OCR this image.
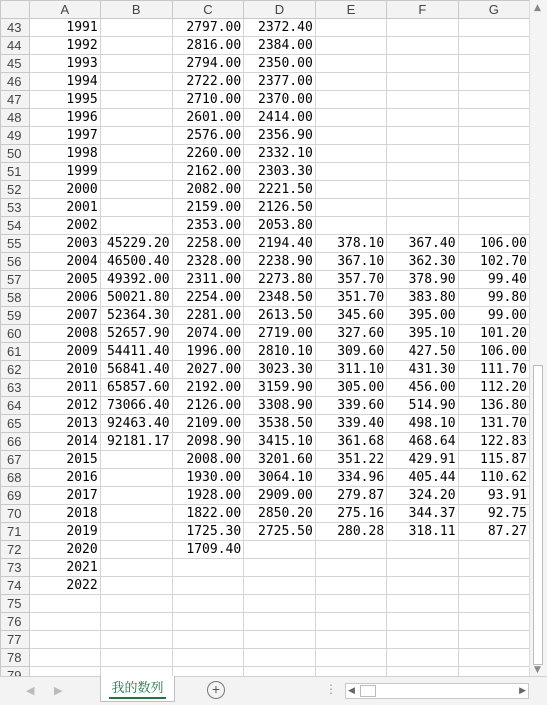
	A	B	C	D	E	F	G
43	1991		2797.00	2372.40			
44	1992		2816.00	2384.00			
45	1993		2794.00	2350.00			
46	1994		2722.00	2377.00			
47	1995		2710.00	2370.00			
48	1996		2601.00	2414.00			
49	1997		2576.00	2356.90			
50	1998		2260.00	2332.10			
51	1999		2162.00	2303.30			
52	2000		2082.00	2221.50			
53	2001		2159.00	2126.50			
54	2002		2353.00	2053.80			
55	2003	45229.20	2258.00	2194.40	378.10	367.40	106.00
56	2004	46500.40	2328.00	2238.90	367.10	362.30	102.70
57	2005	49392.00	2311.00	2273.80	357.70	378.90	99.40
58	2006	50021.80	2254.00	2348.50	351.70	383.80	99.80
59	2007	52364.30	2281.00	2613.50	345.60	395.00	99.00
60	2008	52657.90	2074.00	2719.00	327.60	395.10	101.20
61	2009	54411.40	1996.00	2810.10	309.60	427.50	106.00
62	2010	56841.40	2027.00	3023.30	311.10	431.30	111.70
63	2011	65857.60	2192.00	3159.90	305.00	456.00	112.20
64	2012	73066.40	2126.00	3308.90	339.60	514.90	136.80
65	2013	92463.40	2109.00	3538.50	339.40	498.10	131.70
66	2014	92181.17	2098.90	3415.10	361.68	468.64	122.83
67	2015		2008.00	3201.60	351.22	429.91	115.87
68	2016		1930.00	3064.10	334.96	405.44	110.62
69	2017		1928.00	2909.00	279.87	324.20	93.91
70	2018		1822.00	2850.20	275.16	344.37	92.75
71	2019		1725.30	2725.50	280.28	318.11	87.27
72	2020		1709.40				
73	2021						
74	2022						
75							
76							
77							
78							

▲
▼
◀ ▶	我的数列	+	⋮ ◀	▶
